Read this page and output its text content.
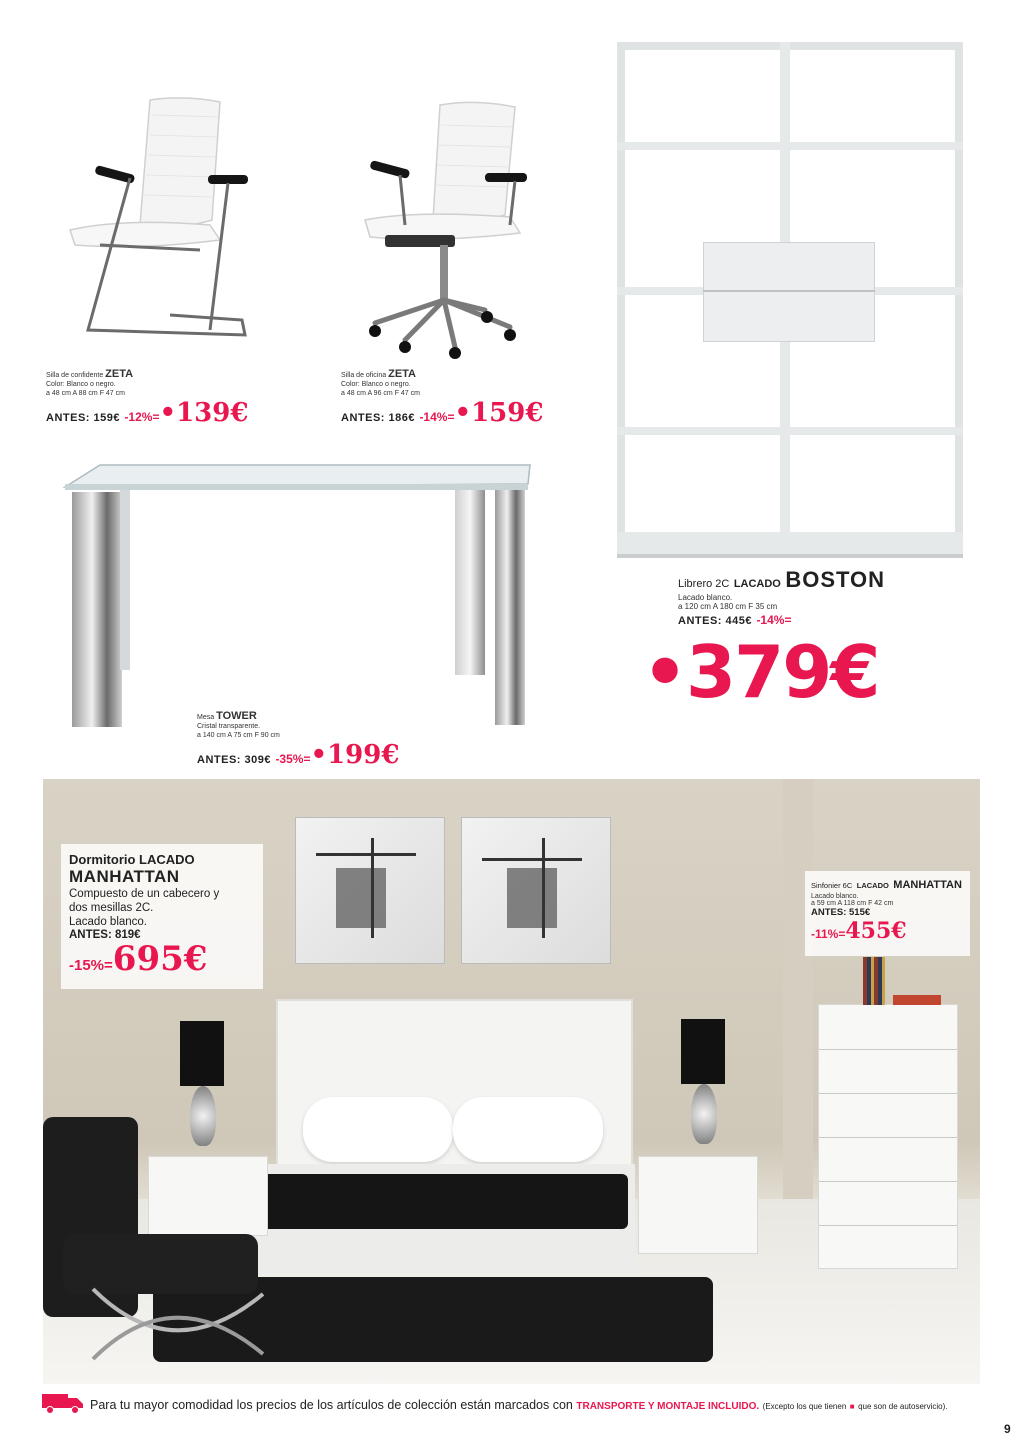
Silla de confidente ZETA
Color: Blanco o negro.
a 48 cm A 88 cm F 47 cm
ANTES: 159€ -12%=•139€
Silla de oficina ZETA
Color: Blanco o negro.
a 48 cm A 96 cm F 47 cm
ANTES: 186€ -14%=•159€
Librero 2C LACADO BOSTON
Lacado blanco.
a 120 cm A 180 cm F 35 cm
ANTES: 445€ -14%=
•379€
Mesa TOWER
Cristal transparente.
a 140 cm A 75 cm F 90 cm
ANTES: 309€ -35%=•199€
Dormitorio LACADO
MANHATTAN
Compuesto de un cabecero y
dos mesillas 2C.
Lacado blanco.
ANTES: 819€
-15%=695€
Sinfonier 6C LACADO MANHATTAN
Lacado blanco.
a 59 cm A 118 cm F 42 cm
ANTES: 515€
-11%=455€
Para tu mayor comodidad los precios de los artículos de colección están marcados con TRANSPORTE Y MONTAJE INCLUIDO. (Excepto los que tienen ■ que son de autoservicio).
9
